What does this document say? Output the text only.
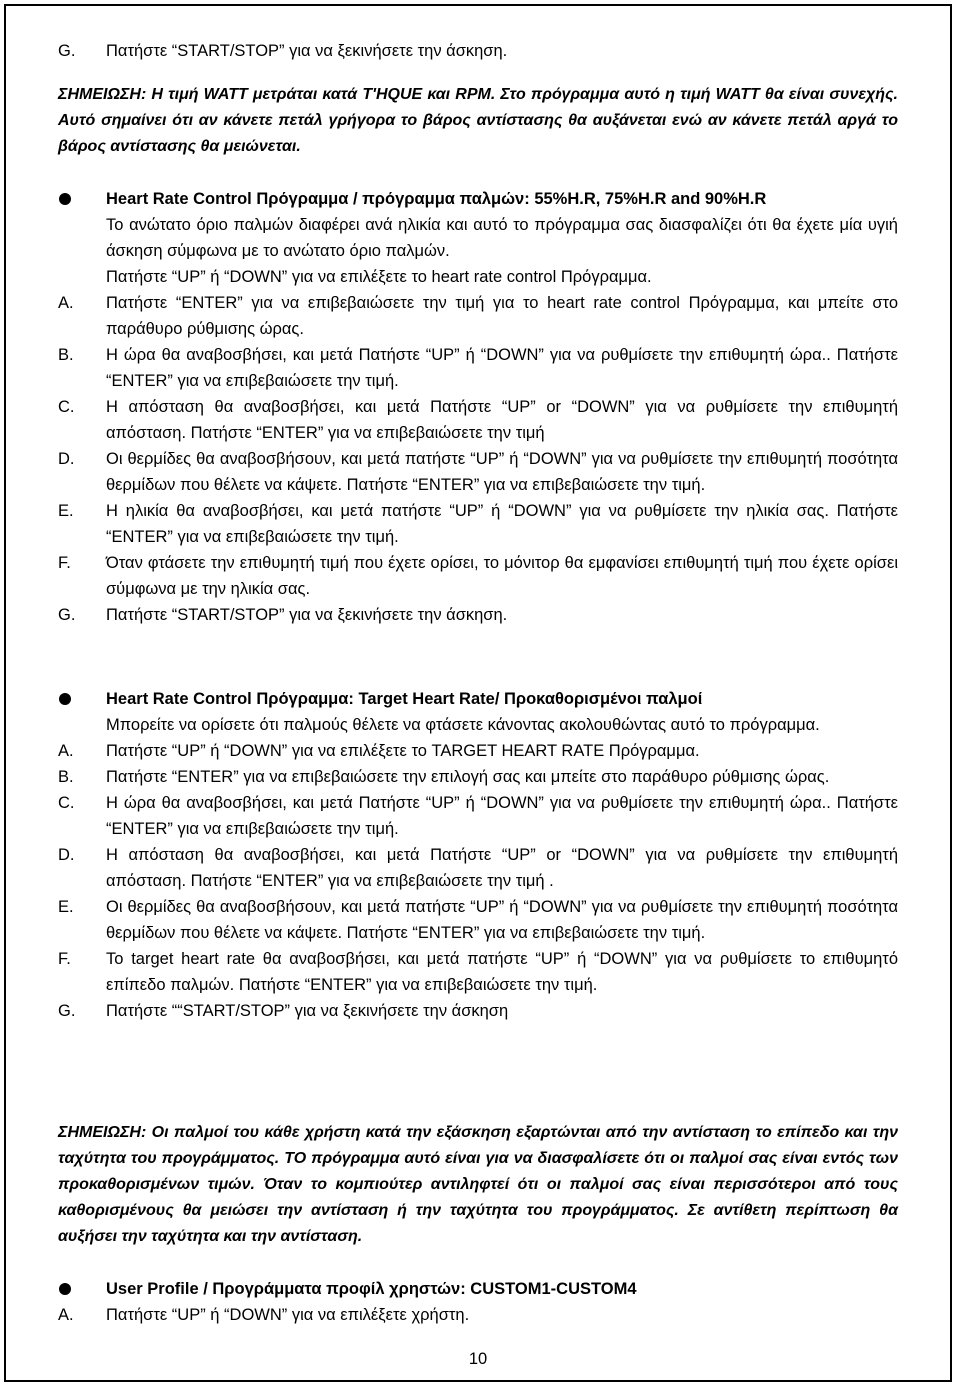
G.	Πατήστε “START/STOP” για να ξεκινήσετε την άσκηση.
ΣΗΜΕΙΩΣΗ: Η τιμή WATT μετράται κατά T'HQUE και RPM. Στο πρόγραμμα αυτό η τιμή WATT θα είναι συνεχής. Αυτό σημαίνει ότι αν κάνετε πετάλ γρήγορα το βάρος αντίστασης θα αυξάνεται ενώ αν κάνετε πετάλ αργά το βάρος αντίστασης θα μειώνεται.
Heart Rate Control Πρόγραμμα / πρόγραμμα παλμών: 55%H.R, 75%H.R and 90%H.R
Το ανώτατο όριο παλμών διαφέρει ανά ηλικία και αυτό το πρόγραμμα σας διασφαλίζει ότι θα έχετε μία υγιή άσκηση σύμφωνα με το ανώτατο όριο παλμών.
Πατήστε “UP” ή “DOWN” για να επιλέξετε το heart rate control Πρόγραμμα.
A.	Πατήστε “ENTER” για να επιβεβαιώσετε την τιμή για το heart rate control Πρόγραμμα, και μπείτε στο παράθυρο ρύθμισης ώρας.
B.	Η ώρα θα αναβοσβήσει, και μετά Πατήστε “UP” ή “DOWN” για να ρυθμίσετε την επιθυμητή ώρα.. Πατήστε “ENTER” για να επιβεβαιώσετε την τιμή.
C.	Η απόσταση θα αναβοσβήσει, και μετά Πατήστε “UP” or “DOWN” για να ρυθμίσετε την επιθυμητή απόσταση. Πατήστε “ENTER” για να επιβεβαιώσετε την τιμή
D.	Οι θερμίδες θα αναβοσβήσουν, και μετά πατήστε “UP” ή “DOWN” για να ρυθμίσετε την επιθυμητή ποσότητα θερμίδων που θέλετε να κάψετε. Πατήστε “ENTER” για να επιβεβαιώσετε την τιμή.
E.	Η ηλικία θα αναβοσβήσει, και μετά πατήστε “UP” ή “DOWN” για να ρυθμίσετε την ηλικία σας. Πατήστε “ENTER” για να επιβεβαιώσετε την τιμή.
F.	Όταν φτάσετε την επιθυμητή τιμή που έχετε ορίσει, το μόνιτορ θα εμφανίσει επιθυμητή τιμή που έχετε ορίσει σύμφωνα με την ηλικία σας.
G.	Πατήστε “START/STOP” για να ξεκινήσετε την άσκηση.
Heart Rate Control Πρόγραμμα: Target Heart Rate/ Προκαθορισμένοι παλμοί
Μπορείτε να ορίσετε ότι παλμούς θέλετε να φτάσετε κάνοντας ακολουθώντας αυτό το πρόγραμμα.
A.	Πατήστε “UP” ή “DOWN” για να επιλέξετε το TARGET HEART RATE Πρόγραμμα.
B.	Πατήστε “ENTER” για να επιβεβαιώσετε την επιλογή σας και μπείτε στο παράθυρο ρύθμισης ώρας.
C.	Η ώρα θα αναβοσβήσει, και μετά Πατήστε “UP” ή “DOWN” για να ρυθμίσετε την επιθυμητή ώρα.. Πατήστε “ENTER” για να επιβεβαιώσετε την τιμή.
D.	Η απόσταση θα αναβοσβήσει, και μετά Πατήστε “UP” or “DOWN” για να ρυθμίσετε την επιθυμητή απόσταση. Πατήστε “ENTER” για να επιβεβαιώσετε την τιμή .
E.	Οι θερμίδες θα αναβοσβήσουν, και μετά πατήστε “UP” ή “DOWN” για να ρυθμίσετε την επιθυμητή ποσότητα θερμίδων που θέλετε να κάψετε. Πατήστε “ENTER” για να επιβεβαιώσετε την τιμή.
F.	Το target heart rate θα αναβοσβήσει, και μετά πατήστε “UP” ή “DOWN” για να ρυθμίσετε το επιθυμητό επίπεδο παλμών. Πατήστε “ENTER” για να επιβεβαιώσετε την τιμή.
G.	Πατήστε ““START/STOP” για να ξεκινήσετε την άσκηση
ΣΗΜΕΙΩΣΗ: Οι παλμοί του κάθε χρήστη κατά την εξάσκηση εξαρτώνται από την αντίσταση το επίπεδο και την ταχύτητα του προγράμματος. ΤΟ πρόγραμμα αυτό είναι για να διασφαλίσετε ότι οι παλμοί σας είναι εντός των προκαθορισμένων τιμών. Όταν το κομπιούτερ αντιληφτεί ότι οι παλμοί σας είναι περισσότεροι από τους καθορισμένους θα μειώσει την αντίσταση ή την ταχύτητα του προγράμματος. Σε αντίθετη περίπτωση θα αυξήσει την ταχύτητα και την αντίσταση.
User Profile / Προγράμματα προφίλ χρηστών: CUSTOM1-CUSTOM4
A.	Πατήστε “UP” ή “DOWN” για να επιλέξετε χρήστη.
10
